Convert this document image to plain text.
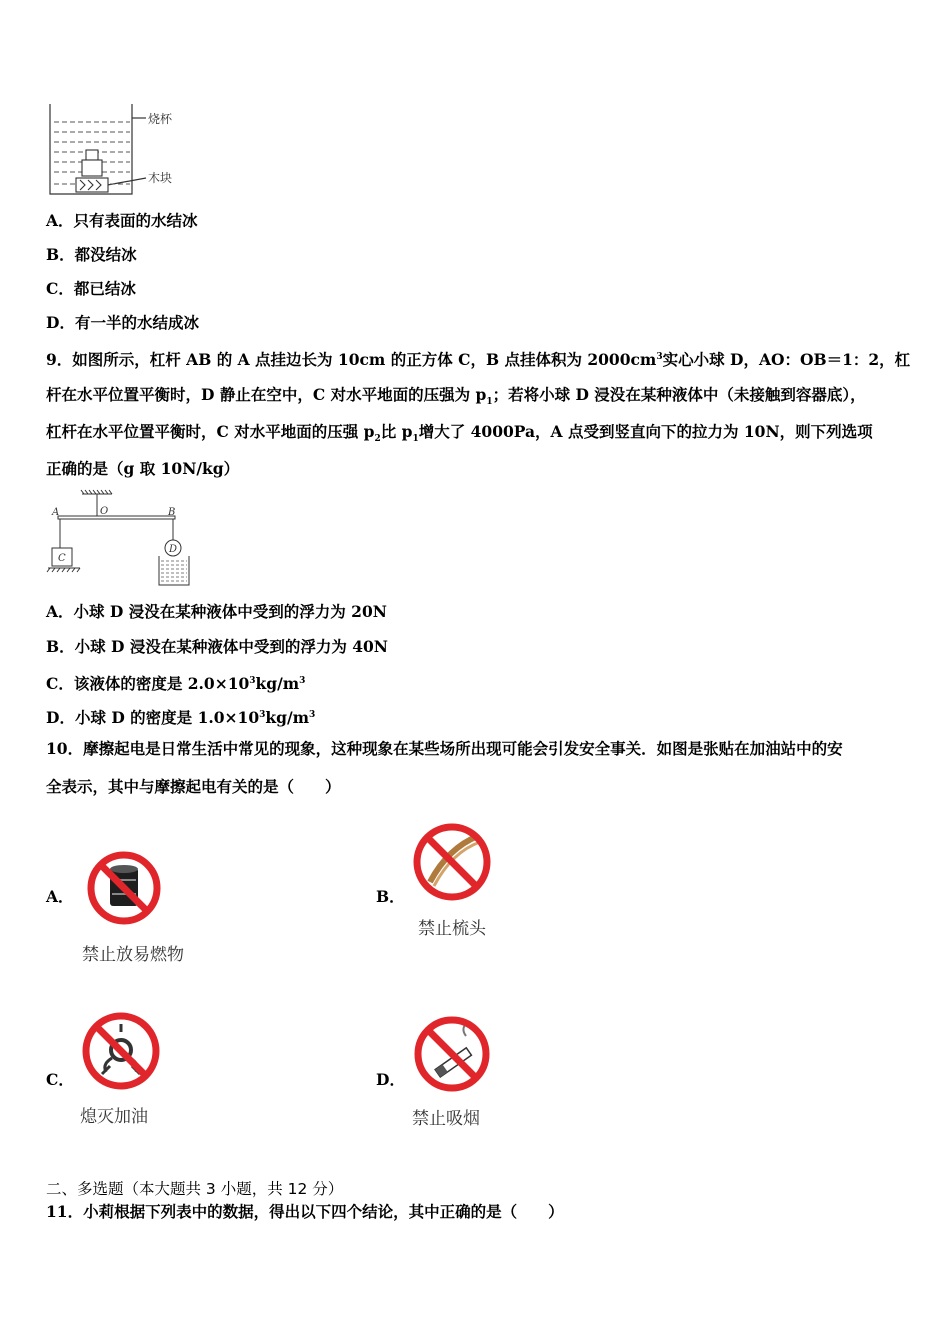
烧杯
木块
A．只有表面的水结冰
B．都没结冰
C．都已结冰
D．有一半的水结成冰
9．如图所示，杠杆 AB 的 A 点挂边长为 10cm 的正方体 C，B 点挂体积为 $2000cm^3$实心小球 D，AO：OB＝1：2，杠
杆在水平位置平衡时，D 静止在空中，C 对水平地面的压强为 $p_1$；若将小球 D 浸没在某种液体中（未接触到容器底），
杠杆在水平位置平衡时，C 对水平地面的压强 $p_2$比 $p_1$增大了 4000Pa，A 点受到竖直向下的拉力为 10N，则下列选项
正确的是（g 取 10N/kg）
A	O	B
C
D
A．小球 D 浸没在某种液体中受到的浮力为 20N
B．小球 D 浸没在某种液体中受到的浮力为 40N
C．该液体的密度是 $2.0\times 10^3kg/m^3$
D．小球 D 的密度是 $1.0\times 10^3kg/m^3$
10．摩擦起电是日常生活中常见的现象，这种现象在某些场所出现可能会引发安全事关．如图是张贴在加油站中的安
全表示，其中与摩擦起电有关的是（　　）
A．
禁止放易燃物
B．
禁止梳头
C．
熄灭加油
D．
禁止吸烟
二、多选题（本大题共 3 小题，共 12 分）
11．小莉根据下列表中的数据，得出以下四个结论，其中正确的是（　　）
